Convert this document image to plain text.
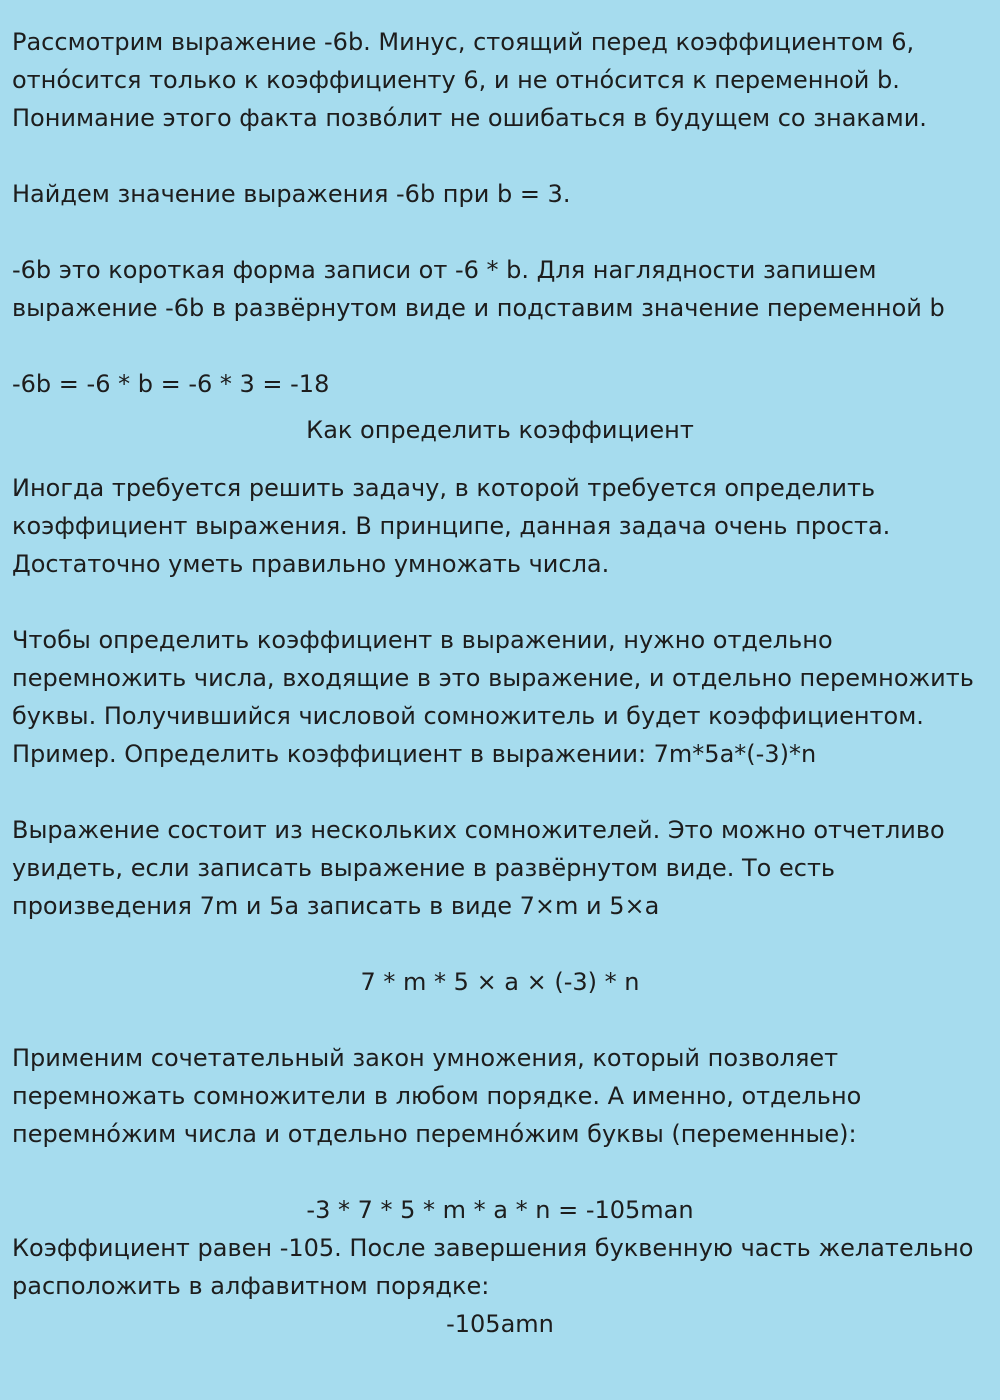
Рассмотрим выражение -6b. Минус, стоящий перед коэффициентом 6,
отно́сится только к коэффициенту 6, и не отно́сится к переменной b.
Понимание этого факта позво́лит не ошибаться в будущем со знаками.
Найдем значение выражения -6b при b = 3.
-6b это короткая форма записи от -6 * b. Для наглядности запишем
выражение -6b в развёрнутом виде и подставим значение переменной b
-6b = -6 * b = -6 * 3 = -18
Как определить коэффициент
Иногда требуется решить задачу, в которой требуется определить
коэффициент выражения. В принципе, данная задача очень проста.
Достаточно уметь правильно умножать числа.
Чтобы определить коэффициент в выражении, нужно отдельно
перемножить числа, входящие в это выражение, и отдельно перемножить
буквы. Получившийся числовой сомножитель и будет коэффициентом.
Пример. Определить коэффициент в выражении: 7m*5a*(-3)*n
Выражение состоит из нескольких сомножителей. Это можно отчетливо
увидеть, если записать выражение в развёрнутом виде. То есть
произведения 7m и 5a записать в виде 7×m и 5×a
7 * m * 5 × a × (-3) * n
Применим сочетательный закон умножения, который позволяет
перемножать сомножители в любом порядке. А именно, отдельно
перемно́жим числа и отдельно перемно́жим буквы (переменные):
-3 * 7 * 5 * m * a * n = -105man
Коэффициент равен -105. После завершения буквенную часть желательно
расположить в алфавитном порядке:
-105amn
